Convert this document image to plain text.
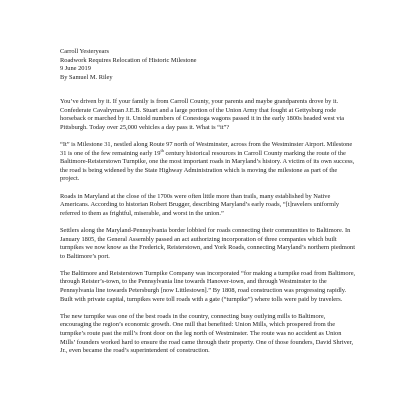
Carroll Yesteryears
Roadwork Requires Relocation of Historic Milestone
9 June 2019
By Samuel M. Riley

You’ve driven by it. If your family is from Carroll County, your parents and maybe grandparents drove by it. Confederate Cavalryman J.E.B. Stuart and a large portion of the Union Army that fought at Gettysburg rode horseback or marched by it. Untold numbers of Conestoga wagons passed it in the early 1800s headed west via Pittsburgh. Today over 25,000 vehicles a day pass it. What is “it”?

“It” is Milestone 31, nestled along Route 97 north of Westminster, across from the Westminster Airport. Milestone 31 is one of the few remaining early 19th century historical resources in Carroll County marking the route of the Baltimore-Reisterstown Turnpike, one the most important roads in Maryland’s history. A victim of its own success, the road is being widened by the State Highway Administration which is moving the milestone as part of the project.

Roads in Maryland at the close of the 1700s were often little more than trails, many established by Native Americans. According to historian Robert Brugger, describing Maryland’s early roads, “[t]ravelers uniformly referred to them as frightful, miserable, and worst in the union.”

Settlers along the Maryland-Pennsylvania border lobbied for roads connecting their communities to Baltimore. In January 1805, the General Assembly passed an act authorizing incorporation of three companies which built turnpikes we now know as the Frederick, Reisterstown, and York Roads, connecting Maryland’s northern piedmont to Baltimore’s port.

The Baltimore and Reisterstown Turnpike Company was incorporated “for making a turnpike road from Baltimore, through Reister’s-town, to the Pennsylvania line towards Hanover-town, and through Westminster to the Pennsylvania line towards Petersburgh [now Littlestown].” By 1808, road construction was progressing rapidly. Built with private capital, turnpikes were toll roads with a gate (“turnpike”) where tolls were paid by travelers.

The new turnpike was one of the best roads in the country, connecting busy outlying mills to Baltimore, encouraging the region’s economic growth. One mill that benefited: Union Mills, which prospered from the turnpike’s route past the mill’s front door on the leg north of Westminster. The route was no accident as Union Mills’ founders worked hard to ensure the road came through their property. One of those founders, David Shriver, Jr., even became the road’s superintendent of construction.
